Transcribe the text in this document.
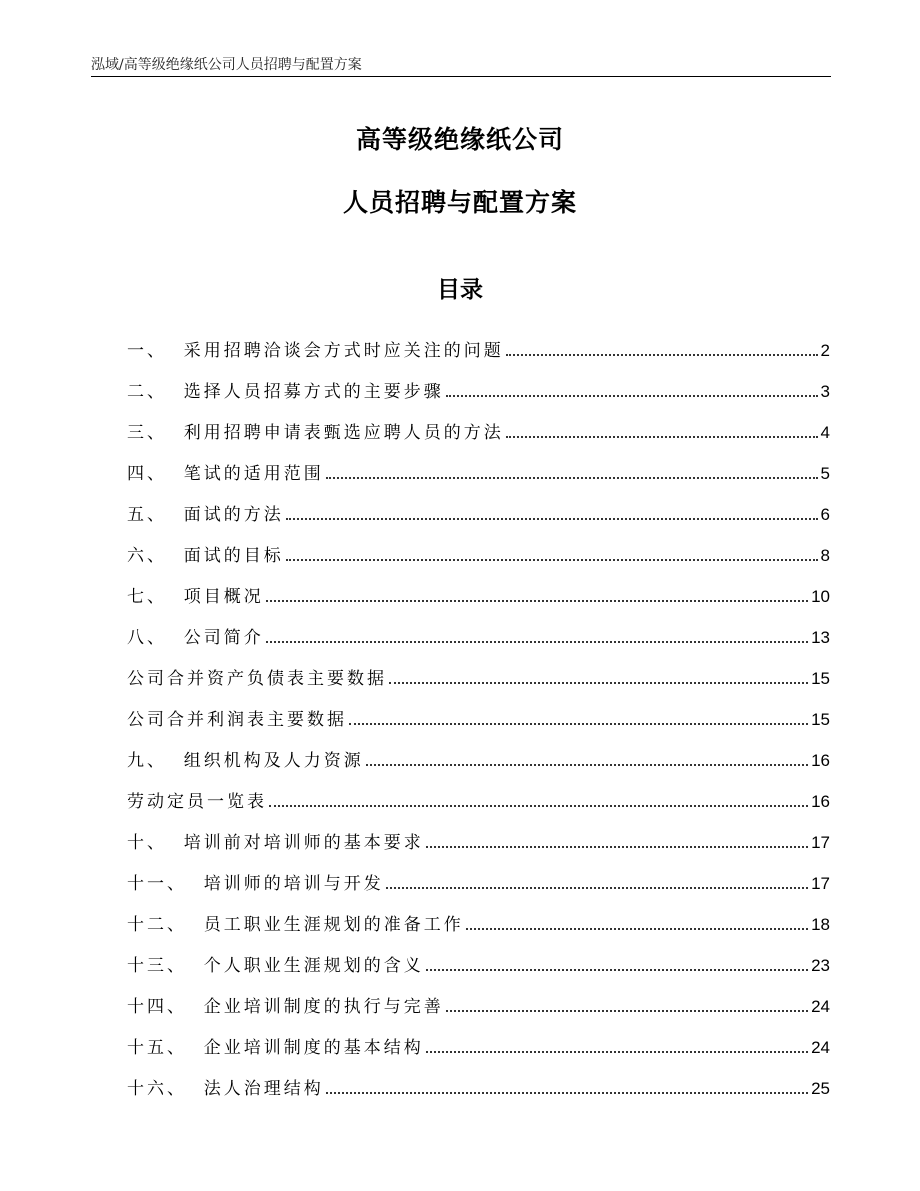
泓域/高等级绝缘纸公司人员招聘与配置方案
高等级绝缘纸公司
人员招聘与配置方案
目录
一、  采用招聘洽谈会方式时应关注的问题	2
二、  选择人员招募方式的主要步骤	3
三、  利用招聘申请表甄选应聘人员的方法	4
四、  笔试的适用范围	5
五、  面试的方法	6
六、  面试的目标	8
七、  项目概况	10
八、  公司简介	13
公司合并资产负债表主要数据	15
公司合并利润表主要数据	15
九、  组织机构及人力资源	16
劳动定员一览表	16
十、  培训前对培训师的基本要求	17
十一、  培训师的培训与开发	17
十二、  员工职业生涯规划的准备工作	18
十三、  个人职业生涯规划的含义	23
十四、  企业培训制度的执行与完善	24
十五、  企业培训制度的基本结构	24
十六、  法人治理结构	25
